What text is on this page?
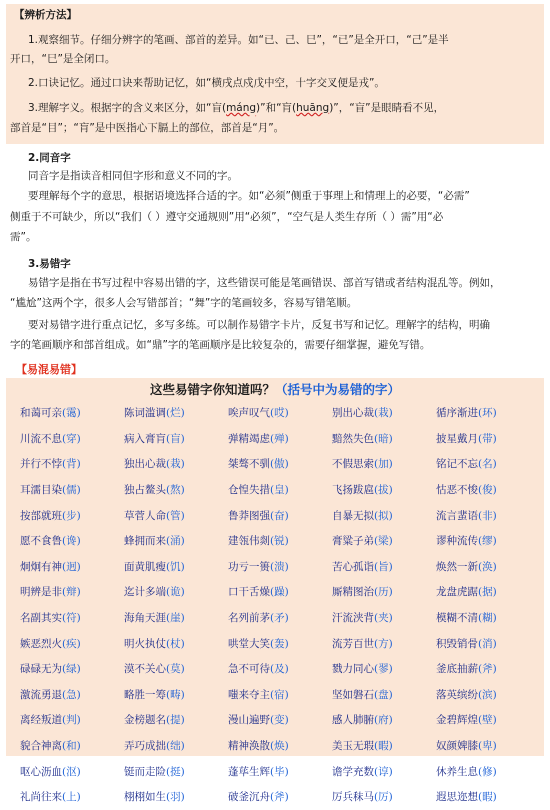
【辨析方法】
1.观察细节。仔细分辨字的笔画、部首的差异。如“已、己、巳”，“已”是全开口，“己”是半
开口，“巳”是全闭口。
2.口诀记忆。通过口诀来帮助记忆，如“横戌点戍戊中空，十字交叉便是戎”。
3.理解字义。根据字的含义来区分，如“盲(máng)”和“肓(huāng)”，“盲”是眼睛看不见，
部首是“目”；“肓”是中医指心下膈上的部位，部首是“月”。
2.同音字
同音字是指读音相同但字形和意义不同的字。
要理解每个字的意思，根据语境选择合适的字。如“必须”侧重于事理上和情理上的必要，“必需”
侧重于不可缺少，所以“我们（ ）遵守交通规则”用“必须”，“空气是人类生存所（ ）需”用“必
需”。
3.易错字
易错字是指在书写过程中容易出错的字，这些错误可能是笔画错误、部首写错或者结构混乱等。例如，
“尴尬”这两个字，很多人会写错部首；“舞”字的笔画较多，容易写错笔顺。
要对易错字进行重点记忆，多写多练。可以制作易错字卡片，反复书写和记忆。理解字的结构，明确
字的笔画顺序和部首组成。如“鼎”字的笔画顺序是比较复杂的，需要仔细掌握，避免写错。
【易混易错】
这些易错字你知道吗？（括号中为易错的字）
和蔼可亲(霭)	陈词滥调(烂)	唉声叹气(哎)	别出心裁(栽)	循序渐进(环)
川流不息(穿)	病入膏肓(盲)	弹精竭虑(殚)	黯然失色(暗)	披星戴月(带)
并行不悖(背)	独出心裁(栽)	桀骜不驯(傲)	不假思索(加)	铭记不忘(名)
耳濡目染(儒)	独占鳌头(熬)	仓惶失措(皇)	飞扬跋扈(拔)	怙恶不悛(俊)
按部就班(步)	草菅人命(管)	鲁莽图强(奋)	自暴无拟(拟)	流言蜚语(非)
愿不食鲁(谗)	蜂拥而来(涌)	建瓴伟剡(锐)	膏粱子弟(梁)	谬种流传(缪)
炯炯有神(迥)	面黄肌瘦(饥)	功亏一篑(溃)	苦心孤诣(旨)	焕然一新(涣)
明辨是非(辩)	迄计多端(诡)	口干舌燥(躁)	厮精图治(历)	龙盘虎踞(据)
名副其实(符)	海角天涯(崖)	名列前茅(矛)	汗流浃背(夹)	模糊不清(糊)
嫉恶烈火(疾)	明火执仗(杖)	哄堂大笑(轰)	流芳百世(方)	积毁销骨(消)
碌碌无为(绿)	漠不关心(莫)	急不可待(及)	戮力同心(翏)	釜底抽薪(斧)
激流勇退(急)	略胜一筹(畴)	嗤来夺主(宿)	坚如磐石(盘)	落英缤纷(滨)
离经叛道(判)	金榜题名(提)	漫山遍野(变)	感人肺腑(府)	金碧辉煌(壁)
貌合神离(和)	弄巧成拙(绌)	精神涣散(焕)	美玉无瑕(暇)	奴颜婢膝(卑)
呕心沥血(沤)	铤而走险(挺)	蓬荜生辉(毕)	谵学充数(谆)	休养生息(修)
礼尚往来(上)	栩栩如生(羽)	破釜沉舟(斧)	厉兵秣马(厉)	遐思迩想(暇)
